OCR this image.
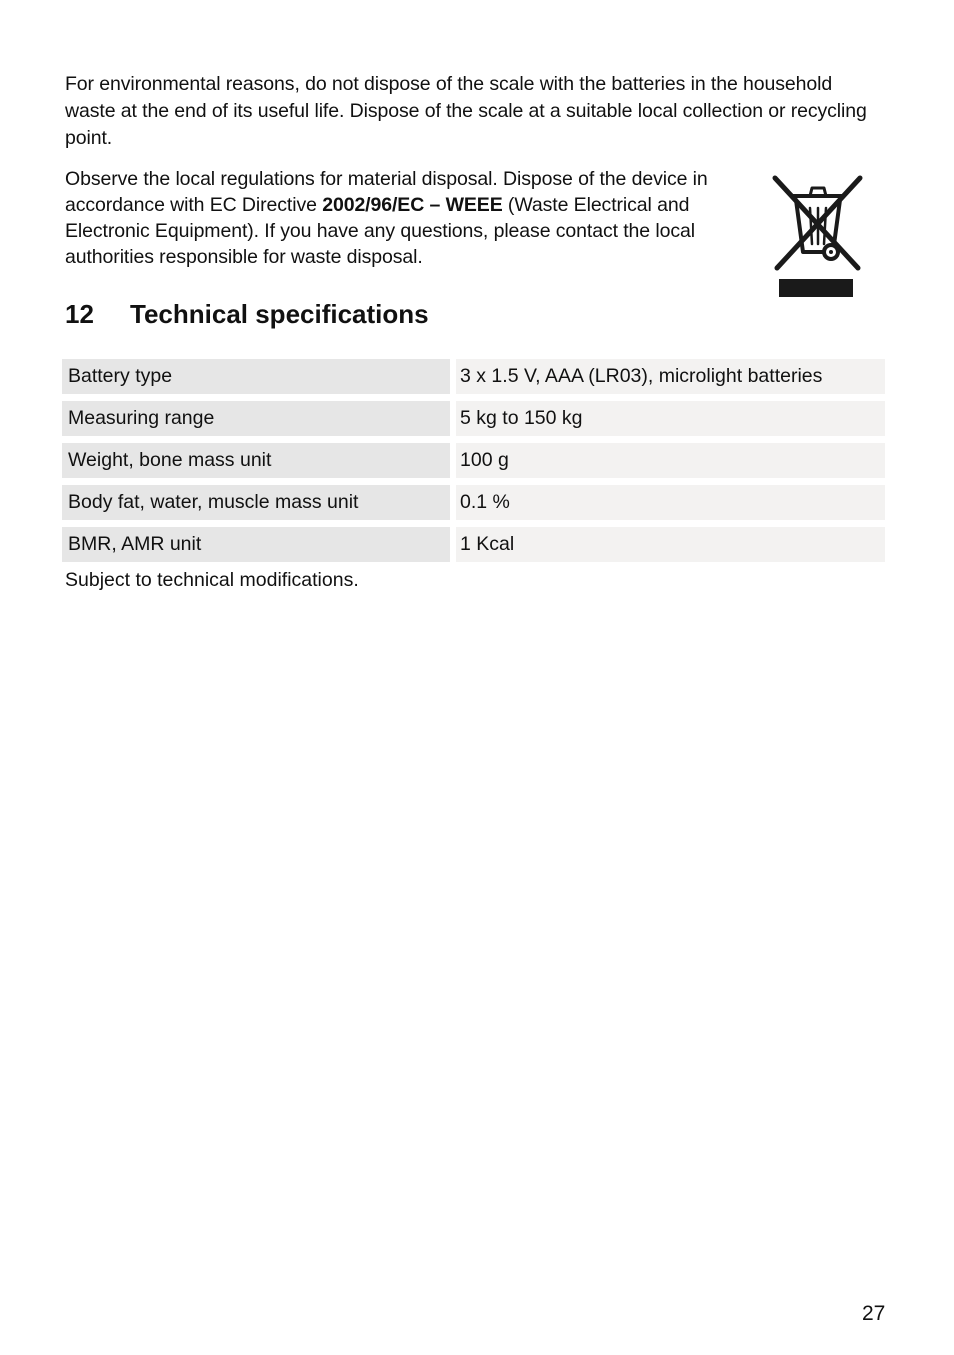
For environmental reasons, do not dispose of the scale with the batteries in the household waste at the end of its useful life. Dispose of the scale at a suitable local collection or recycling point.

Observe the local regulations for material disposal. Dispose of the device in accordance with EC Directive 2002/96/EC – WEEE (Waste Electrical and Electronic Equipment). If you have any questions, please contact the local authorities responsible for waste disposal.

12	Technical specifications
Battery type	3 x 1.5 V, AAA (LR03), microlight batteries
Measuring range	5 kg to 150 kg
Weight, bone mass unit	100 g
Body fat, water, muscle mass unit	0.1 %
BMR, AMR unit	1 Kcal

Subject to technical modifications.

27
